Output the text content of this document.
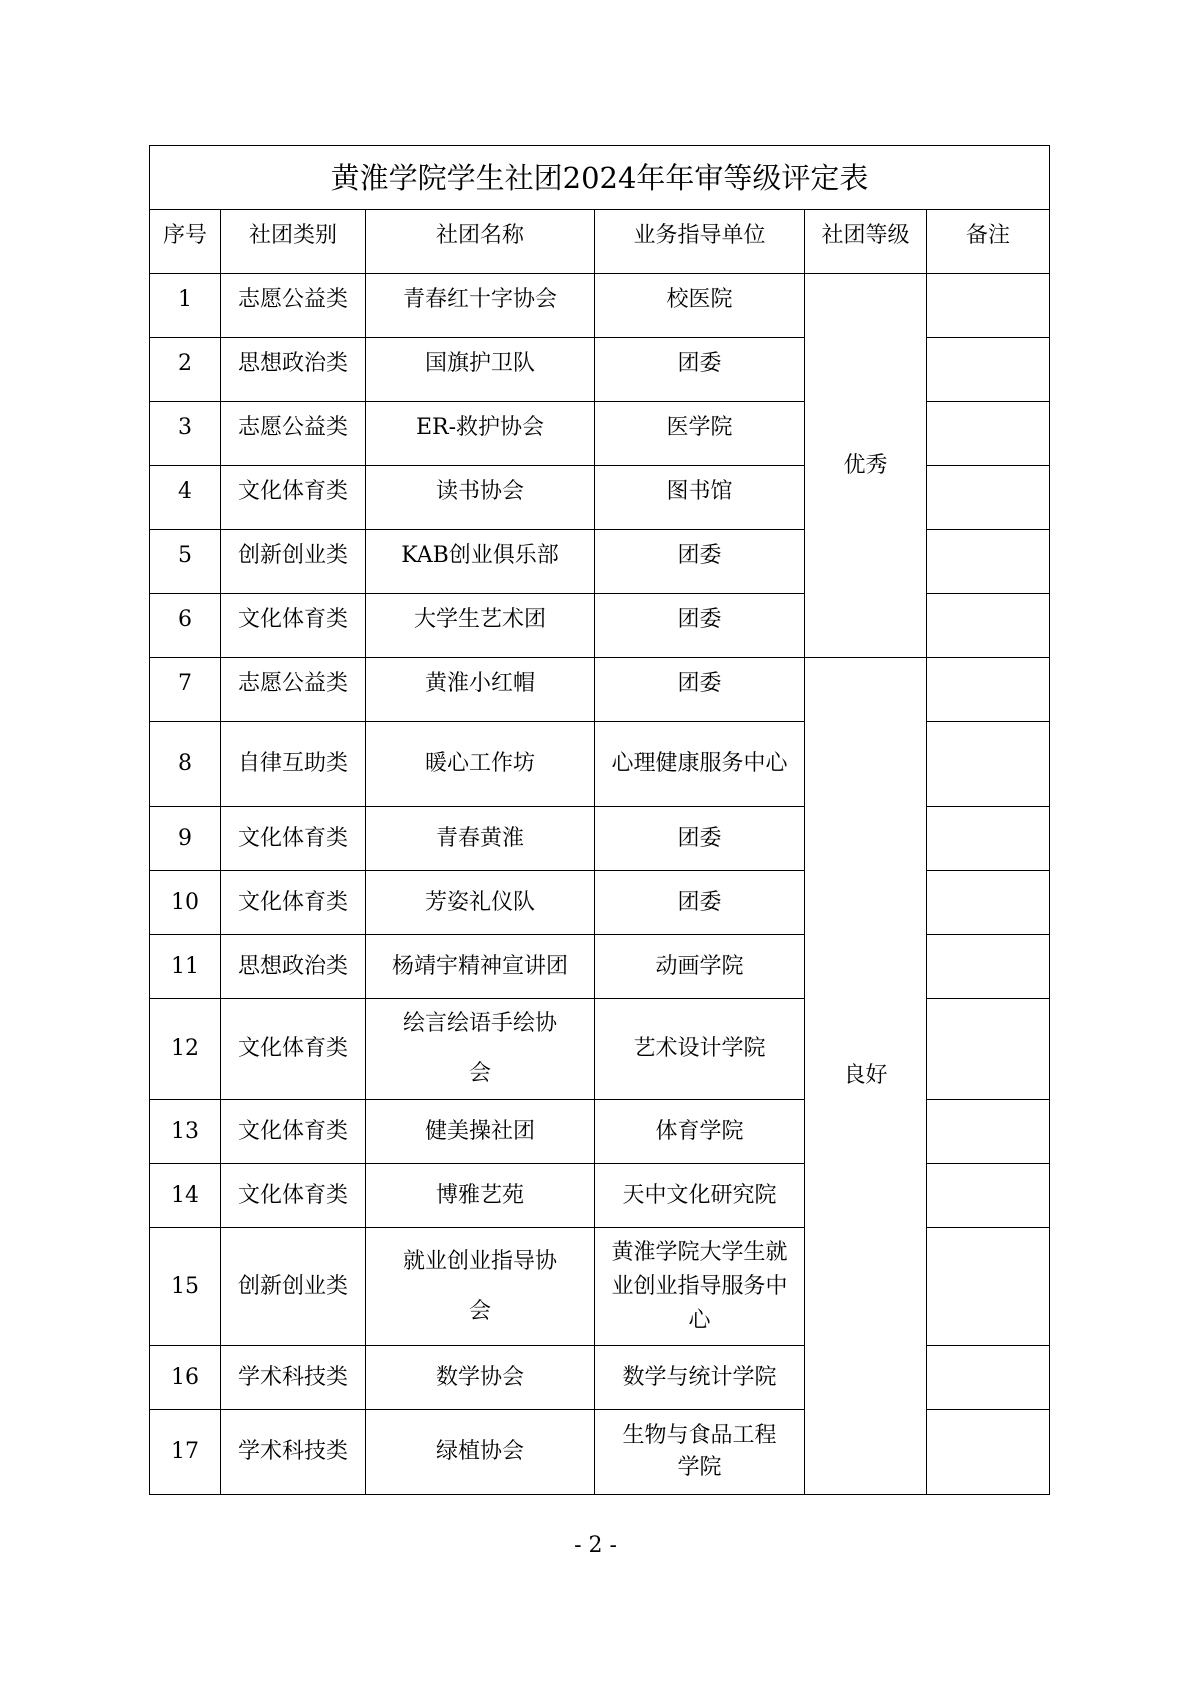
黄淮学院学生社团2024年年审等级评定表					
序号	社团类别	社团名称	业务指导单位	社团等级	备注
1	志愿公益类	青春红十字协会	校医院	优秀	
2	思想政治类	国旗护卫队	团委		
3	志愿公益类	ER-救护协会	医学院		
4	文化体育类	读书协会	图书馆		
5	创新创业类	KAB创业俱乐部	团委		
6	文化体育类	大学生艺术团	团委		
7	志愿公益类	黄淮小红帽	团委	良好	
8	自律互助类	暖心工作坊	心理健康服务中心		
9	文化体育类	青春黄淮	团委		
10	文化体育类	芳姿礼仪队	团委		
11	思想政治类	杨靖宇精神宣讲团	动画学院		
12	文化体育类	绘言绘语手绘协会	艺术设计学院		
13	文化体育类	健美操社团	体育学院		
14	文化体育类	博雅艺苑	天中文化研究院		
15	创新创业类	就业创业指导协会	黄淮学院大学生就业创业指导服务中心		
16	学术科技类	数学协会	数学与统计学院		
17	学术科技类	绿植协会	生物与食品工程学院		
- 2 -
